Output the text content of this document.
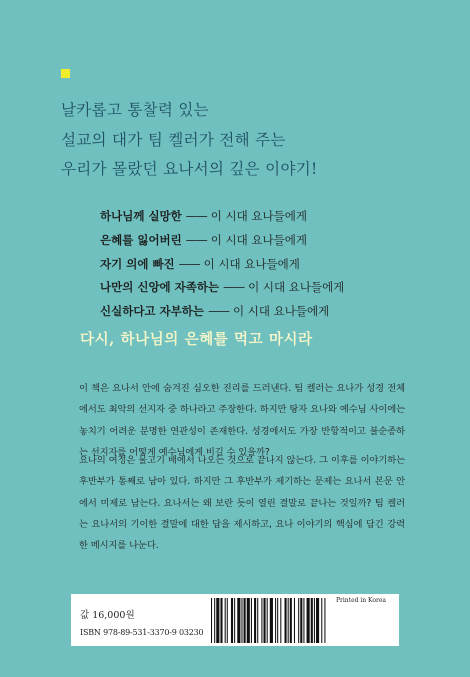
날카롭고 통찰력 있는
설교의 대가 팀 켈러가 전해 주는
우리가 몰랐던 요나서의 깊은 이야기!
하나님께 실망한 —— 이 시대 요나들에게
은혜를 잃어버린 —— 이 시대 요나들에게
자기 의에 빠진 —— 이 시대 요나들에게
나만의 신앙에 자족하는 —— 이 시대 요나들에게
신실하다고 자부하는 —— 이 시대 요나들에게
다시, 하나님의 은혜를 먹고 마시라
이 책은 요나서 안에 숨겨진 심오한 진리를 드러낸다. 팀 켈러는 요나가 성경 전체에서도 최악의 선지자 중 하나라고 주장한다. 하지만 탕자 요나와 예수님 사이에는 놓치기 어려운 분명한 연관성이 존재한다. 성경에서도 가장 반항적이고 불순종하는 선지자를 어떻게 예수님에게 비길 수 있을까?
요나의 여정은 물고기 배에서 나오는 것으로 끝나지 않는다. 그 이후를 이야기하는 후반부가 통째로 남아 있다. 하지만 그 후반부가 제기하는 문제는 요나서 본문 안에서 미제로 남는다. 요나서는 왜 보란 듯이 열린 결말로 끝나는 것일까? 팀 켈러는 요나서의 기이한 결말에 대한 답을 제시하고, 요나 이야기의 핵심에 담긴 강력한 메시지를 나눈다.
값 16,000원
ISBN 978-89-531-3370-9 03230
Printed in Korea
